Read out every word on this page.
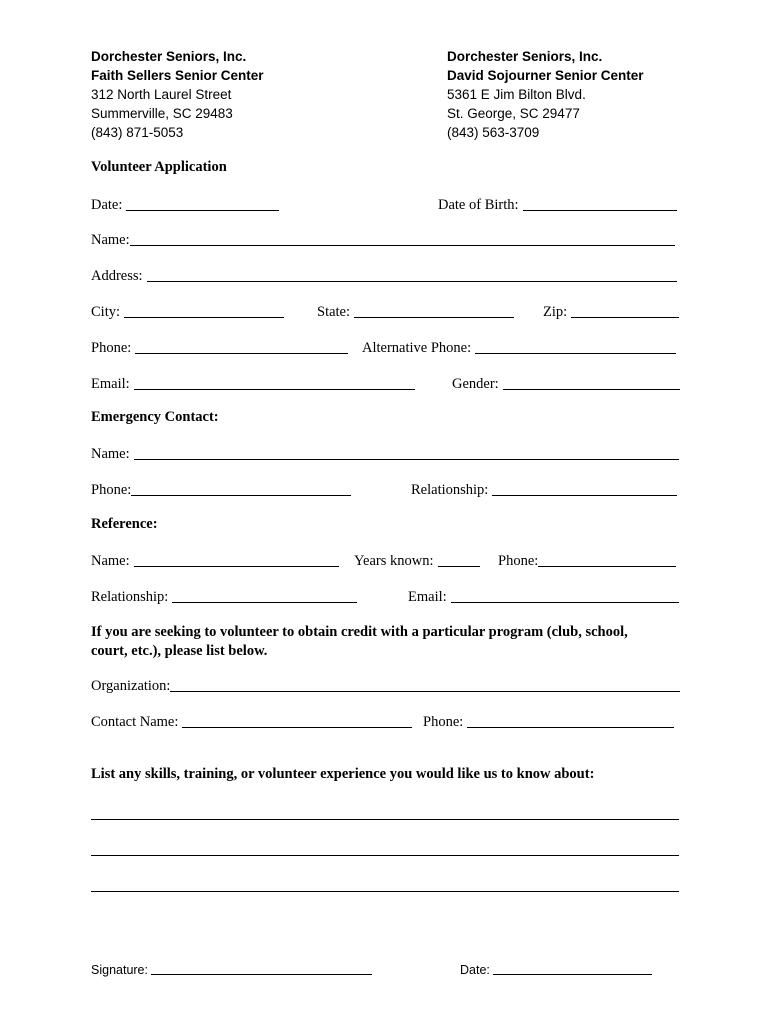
Dorchester Seniors, Inc.
Faith Sellers Senior Center
312 North Laurel Street
Summerville, SC 29483
(843) 871-5053
Dorchester Seniors, Inc.
David Sojourner Senior Center
5361 E Jim Bilton Blvd.
St. George, SC 29477
(843) 563-3709
Volunteer Application
Date:	Date of Birth:
Name:
Address:
City:	State:	Zip:
Phone:	Alternative Phone:
Email:	Gender:
Emergency Contact:
Name:
Phone:	Relationship:
Reference:
Name:	Years known:	Phone:
Relationship:	Email:
If you are seeking to volunteer to obtain credit with a particular program (club, school,
court, etc.), please list below.
Organization:
Contact Name:	Phone:
List any skills, training, or volunteer experience you would like us to know about:
Signature:	Date:
